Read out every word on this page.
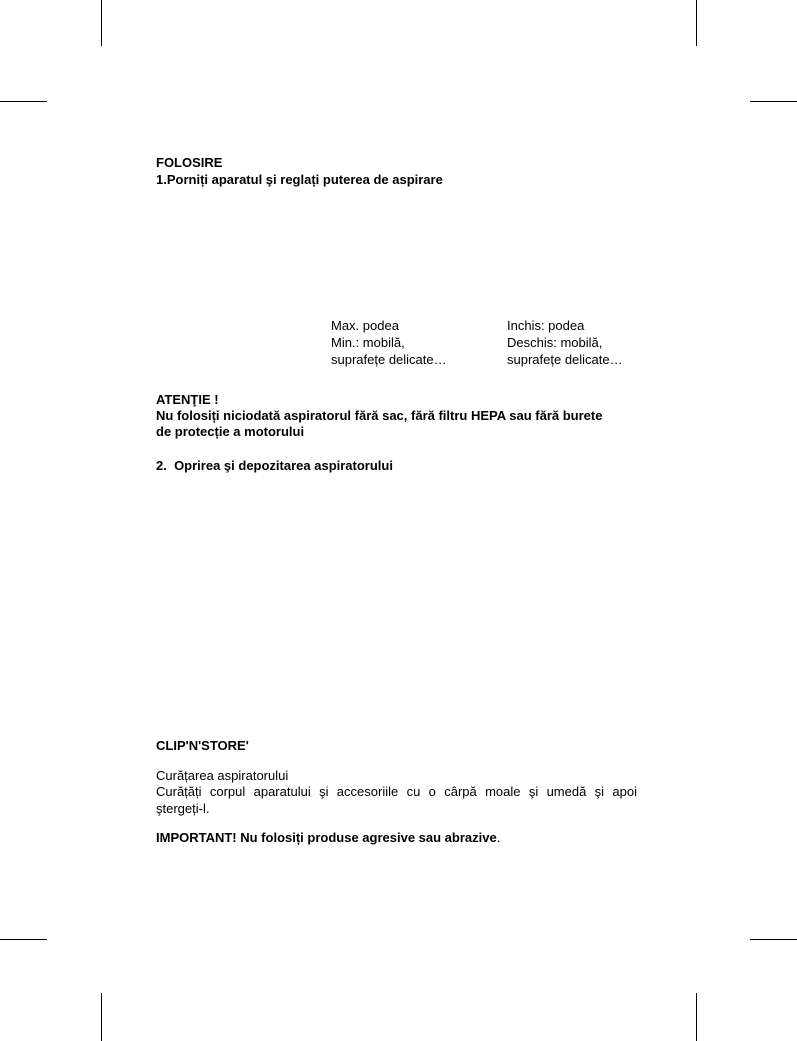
FOLOSIRE
1.Porniți aparatul şi reglați puterea de aspirare
Max. podea
Min.: mobilă,
suprafețe delicate…
Inchis: podea
Deschis: mobilă,
suprafețe delicate…
ATENŢIE !
Nu folosiți niciodată aspiratorul fără sac, fără filtru HEPA sau fără burete
de protecție a motorului
2.  Oprirea şi depozitarea aspiratorului
CLIP'N'STORE'
Curățarea aspiratorului
Curățăți corpul aparatului şi accesoriile cu o cârpă moale şi umedă şi apoi
ştergeți-l.
IMPORTANT! Nu folosiți produse agresive sau abrazive.
